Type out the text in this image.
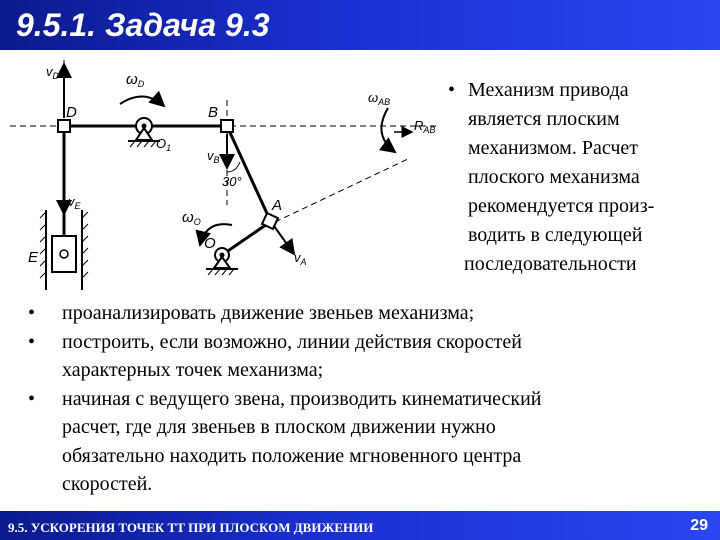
9.5.1. Задача 9.3
$v_D$
D
$\omega_D$
$O_1$
B
$v_B$
30°
$\omega_{AB}$
$R_{AB}$
$v_E$
E
A
$\omega_O$
O
$v_A$
• Механизм привода
является плоским
механизмом. Расчет
плоского механизма
рекомендуется произ-
водить в следующей
последовательности
• проанализировать движение звеньев механизма;
• построить, если возможно, линии действия скоростей
характерных точек механизма;
• начиная с ведущего звена, производить кинематический
расчет, где для звеньев в плоском движении нужно
обязательно находить положение мгновенного центра
скоростей.
9.5. УСКОРЕНИЯ ТОЧЕК ТТ ПРИ ПЛОСКОМ ДВИЖЕНИИ	29
